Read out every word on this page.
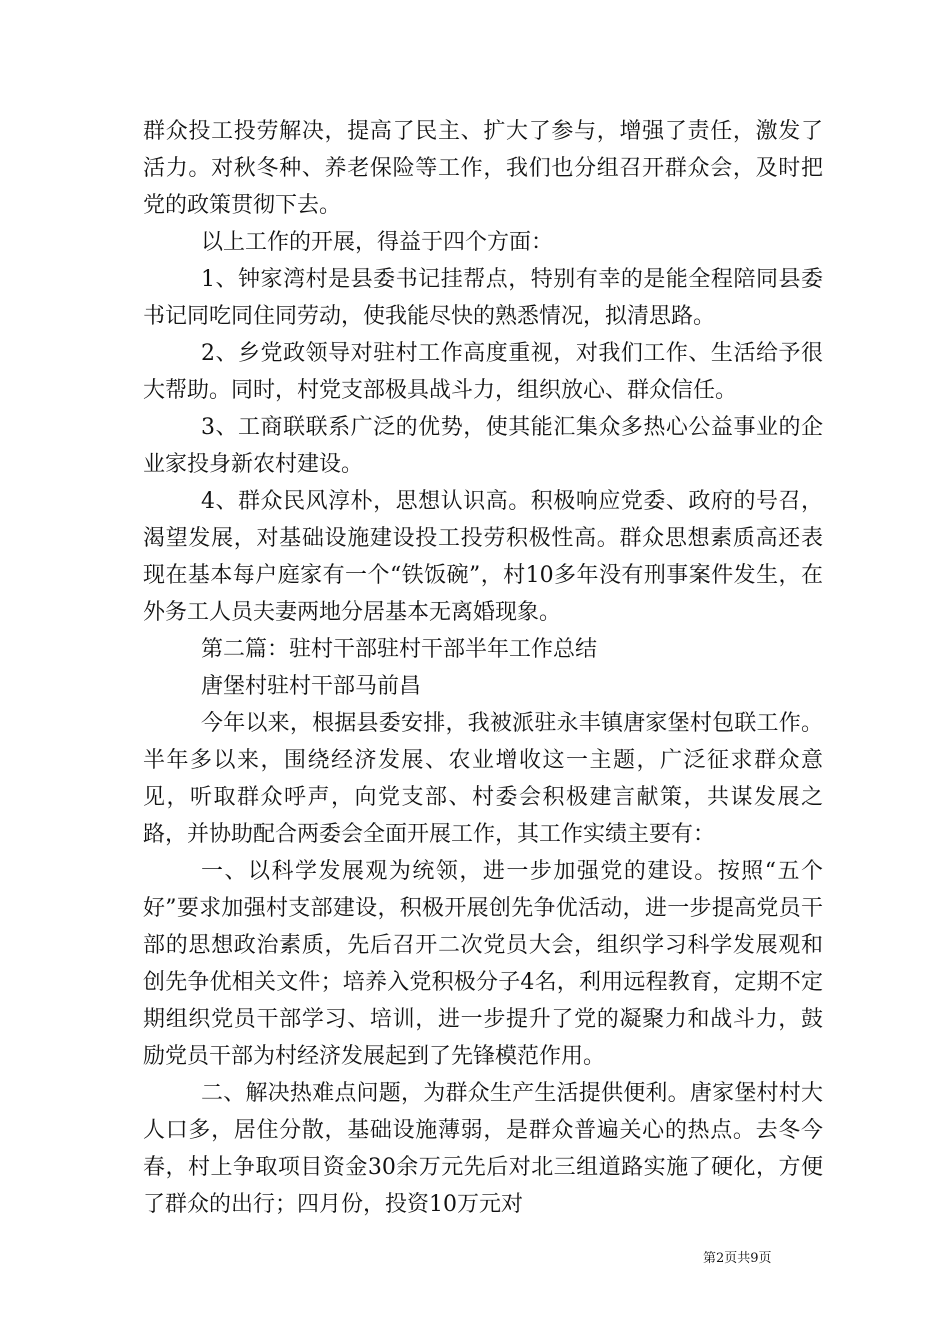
群众投工投劳解决，提高了民主、扩大了参与，增强了责任，激发了活力。对秋冬种、养老保险等工作，我们也分组召开群众会，及时把党的政策贯彻下去。

以上工作的开展，得益于四个方面：

1、钟家湾村是县委书记挂帮点，特别有幸的是能全程陪同县委书记同吃同住同劳动，使我能尽快的熟悉情况，拟清思路。

2、乡党政领导对驻村工作高度重视，对我们工作、生活给予很大帮助。同时，村党支部极具战斗力，组织放心、群众信任。

3、工商联联系广泛的优势，使其能汇集众多热心公益事业的企业家投身新农村建设。

4、群众民风淳朴，思想认识高。积极响应党委、政府的号召，渴望发展，对基础设施建设投工投劳积极性高。群众思想素质高还表现在基本每户庭家有一个“铁饭碗”，村10多年没有刑事案件发生，在外务工人员夫妻两地分居基本无离婚现象。

第二篇：驻村干部驻村干部半年工作总结

唐堡村驻村干部马前昌

今年以来，根据县委安排，我被派驻永丰镇唐家堡村包联工作。半年多以来，围绕经济发展、农业增收这一主题，广泛征求群众意见，听取群众呼声，向党支部、村委会积极建言献策，共谋发展之路，并协助配合两委会全面开展工作，其工作实绩主要有：

一、以科学发展观为统领，进一步加强党的建设。按照“五个好”要求加强村支部建设，积极开展创先争优活动，进一步提高党员干部的思想政治素质，先后召开二次党员大会，组织学习科学发展观和创先争优相关文件；培养入党积极分子4名，利用远程教育，定期不定期组织党员干部学习、培训，进一步提升了党的凝聚力和战斗力，鼓励党员干部为村经济发展起到了先锋模范作用。

二、解决热难点问题，为群众生产生活提供便利。唐家堡村村大人口多，居住分散，基础设施薄弱，是群众普遍关心的热点。去冬今春，村上争取项目资金30余万元先后对北三组道路实施了硬化，方便了群众的出行；四月份，投资10万元对

第2页共9页
